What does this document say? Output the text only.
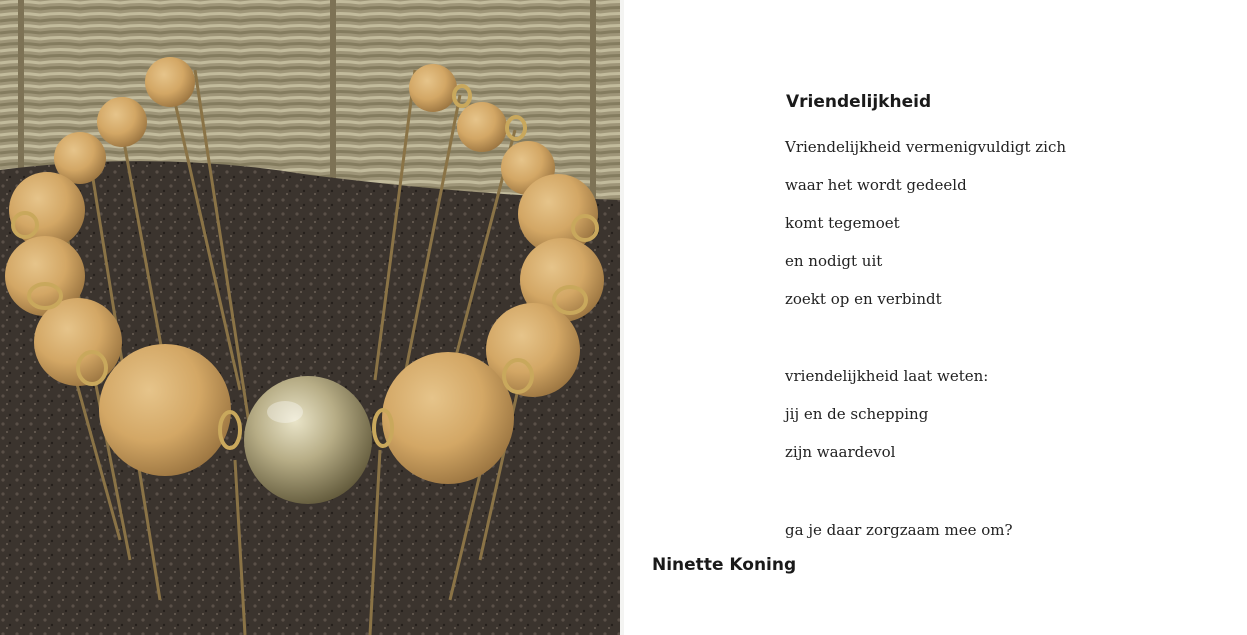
Vriendelijkheid

Vriendelijkheid vermenigvuldigt zich

waar het wordt gedeeld

komt tegemoet

en nodigt uit

zoekt op en verbindt

vriendelijkheid laat weten:

jij en de schepping

zijn waardevol

ga je daar zorgzaam mee om?

Ninette Koning
